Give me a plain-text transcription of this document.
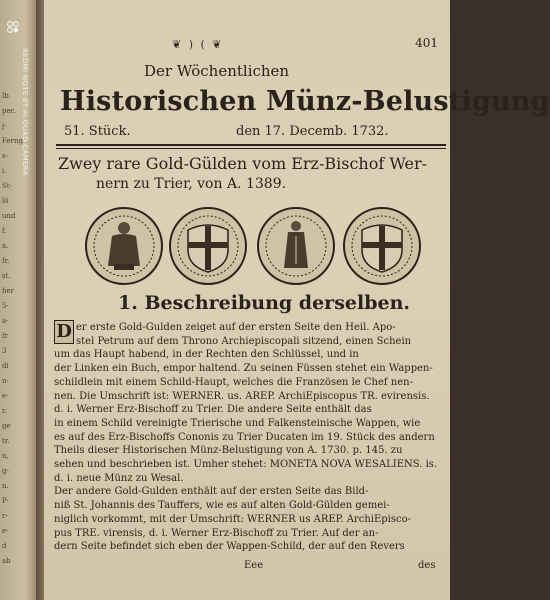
lb.
per.
j-
Ferng
s-
i.
St-
lö
und
f.
a.
fr.
st.
her
5-
a-
fr
3
di
n-
e-
r.
ge
tr.
n,
g-
n.
P-
r-
e-
d
ab
❦ ) ( ❦	401
Der Wöchentlichen
Historischen Münz-Belustigung
51. Stück.	den 17. Decemb. 1732.
Zwey rare Gold-Gülden vom Erz-Bischof Wer-
nern zu Trier, von A. 1389.
1. Beschreibung derselben.
D er erste Gold-Gulden zeiget auf der ersten Seite den Heil. Apo-
stel Petrum auf dem Throno Archiepiscopali sitzend, einen Schein
um das Haupt habend, in der Rechten den Schlüssel, und in
der Linken ein Buch, empor haltend. Zu seinen Füssen stehet ein Wappen-
schildlein mit einem Schild-Haupt, welches die Französen le Chef nen-
nen. Die Umschrift ist: WERNER. us. AREP. ArchiEpiscopus TR. evirensis.
d. i. Werner Erz-Bischoff zu Trier. Die andere Seite enthält das
in einem Schild vereinigte Trierische und Falkensteinische Wappen, wie
es auf des Erz-Bischoffs Cononis zu Trier Ducaten im 19. Stück des andern
Theils dieser Historischen Münz-Belustigung von A. 1730. p. 145. zu
sehen und beschrieben ist. Umher stehet: MONETA NOVA WESALIENS. is.
d. i. neue Münz zu Wesal.
Der andere Gold-Gulden enthält auf der ersten Seite das Bild-
niß St. Johannis des Tauffers, wie es auf alten Gold-Gülden gemei-
niglich vorkommt, mit der Umschrift: WERNER us AREP. ArchiEpisco-
pus TRE. virensis, d. i. Werner Erz-Bischoff zu Trier. Auf der an-
dern Seite befindet sich eben der Wappen-Schild, der auf den Revers
Eee	des
REDMI NOTE 8T AI QUAD CAMERA
